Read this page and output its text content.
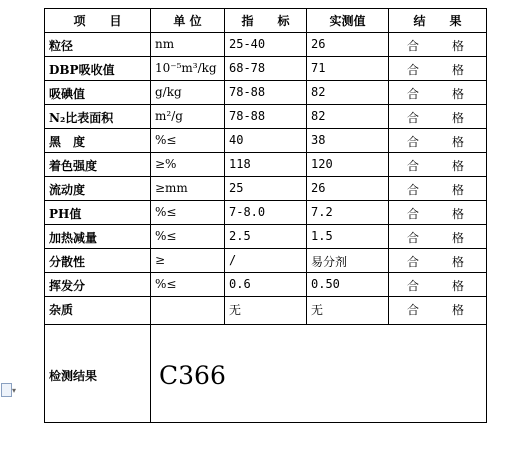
▾
项　　目	单 位	指　　标	实测值	结　　果
粒径	nm	25-40	26	合 格

DBP吸收值	10⁻⁵m³/kg	68-78	71	合 格

吸碘值	g/kg	78-88	82	合 格

N₂比表面积	m²/g	78-88	82	合 格

黑　度	%≤	40	38	合 格

着色强度	≥%	118	120	合 格

流动度	≥mm	25	26	合 格

PH值	%≤	7-8.0	7.2	合 格

加热减量	%≤	2.5	1.5	合 格

分散性	≥	/	易分剂	合 格

挥发分	%≤	0.6	0.50	合 格

杂质		无	无	合 格

检测结果	C366			
